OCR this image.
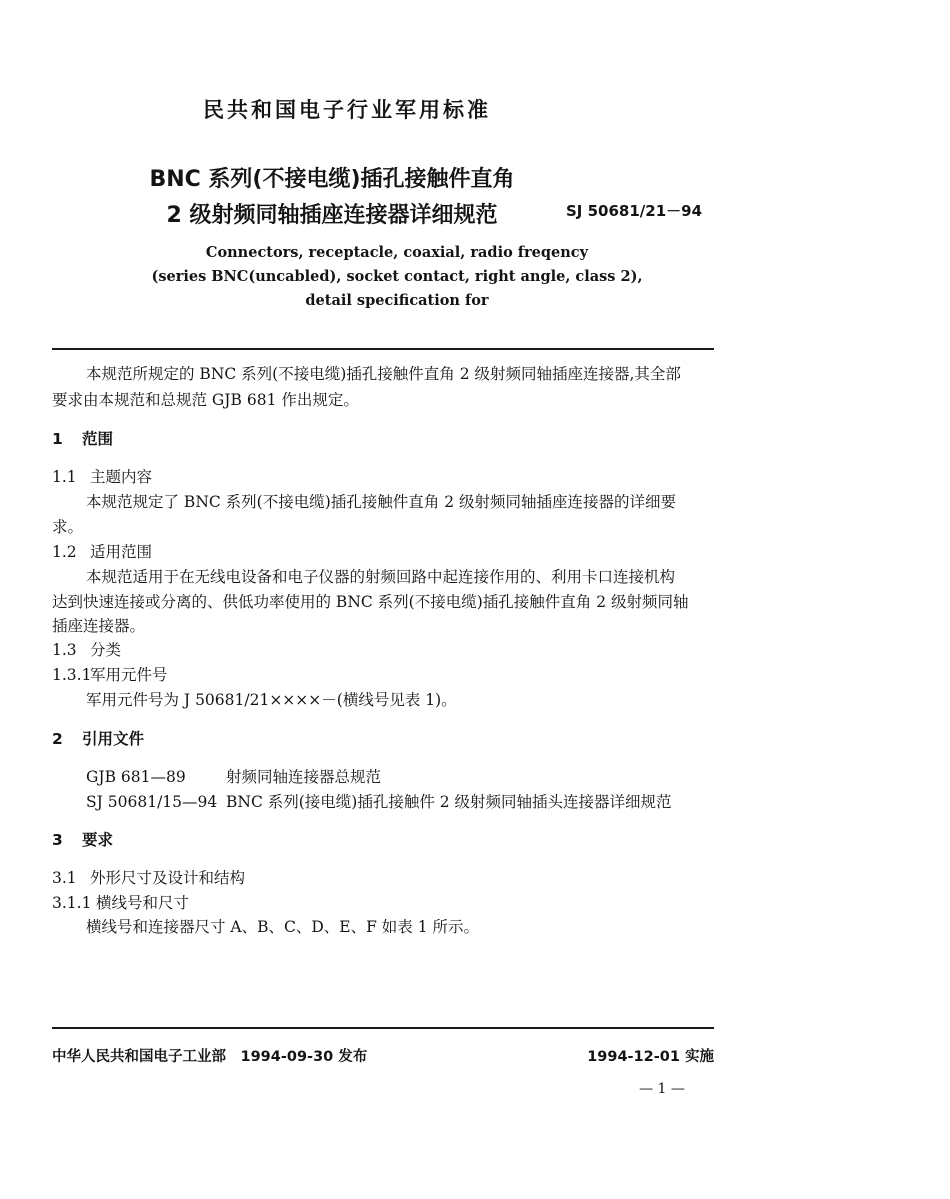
民共和国电子行业军用标准
BNC 系列(不接电缆)插孔接触件直角
2 级射频同轴插座连接器详细规范	SJ 50681/21－94
Connectors, receptacle, coaxial, radio freqency
(series BNC(uncabled), socket contact, right angle, class 2),
detail specification for
本规范所规定的 BNC 系列(不接电缆)插孔接触件直角 2 级射频同轴插座连接器,其全部
要求由本规范和总规范 GJB 681 作出规定。
1 范围
1.1 主题内容
本规范规定了 BNC 系列(不接电缆)插孔接触件直角 2 级射频同轴插座连接器的详细要
求。
1.2 适用范围
本规范适用于在无线电设备和电子仪器的射频回路中起连接作用的、利用卡口连接机构
达到快速连接或分离的、供低功率使用的 BNC 系列(不接电缆)插孔接触件直角 2 级射频同轴
插座连接器。
1.3 分类
1.3.1军用元件号
军用元件号为 J 50681/21××××－(横线号见表 1)。
2 引用文件
GJB 681—89	射频同轴连接器总规范
SJ 50681/15—94 BNC 系列(接电缆)插孔接触件 2 级射频同轴插头连接器详细规范
3 要求
3.1 外形尺寸及设计和结构
3.1.1 横线号和尺寸
横线号和连接器尺寸 A、B、C、D、E、F 如表 1 所示。
中华人民共和国电子工业部　1994-09-30 发布	1994-12-01 实施
— 1 —
